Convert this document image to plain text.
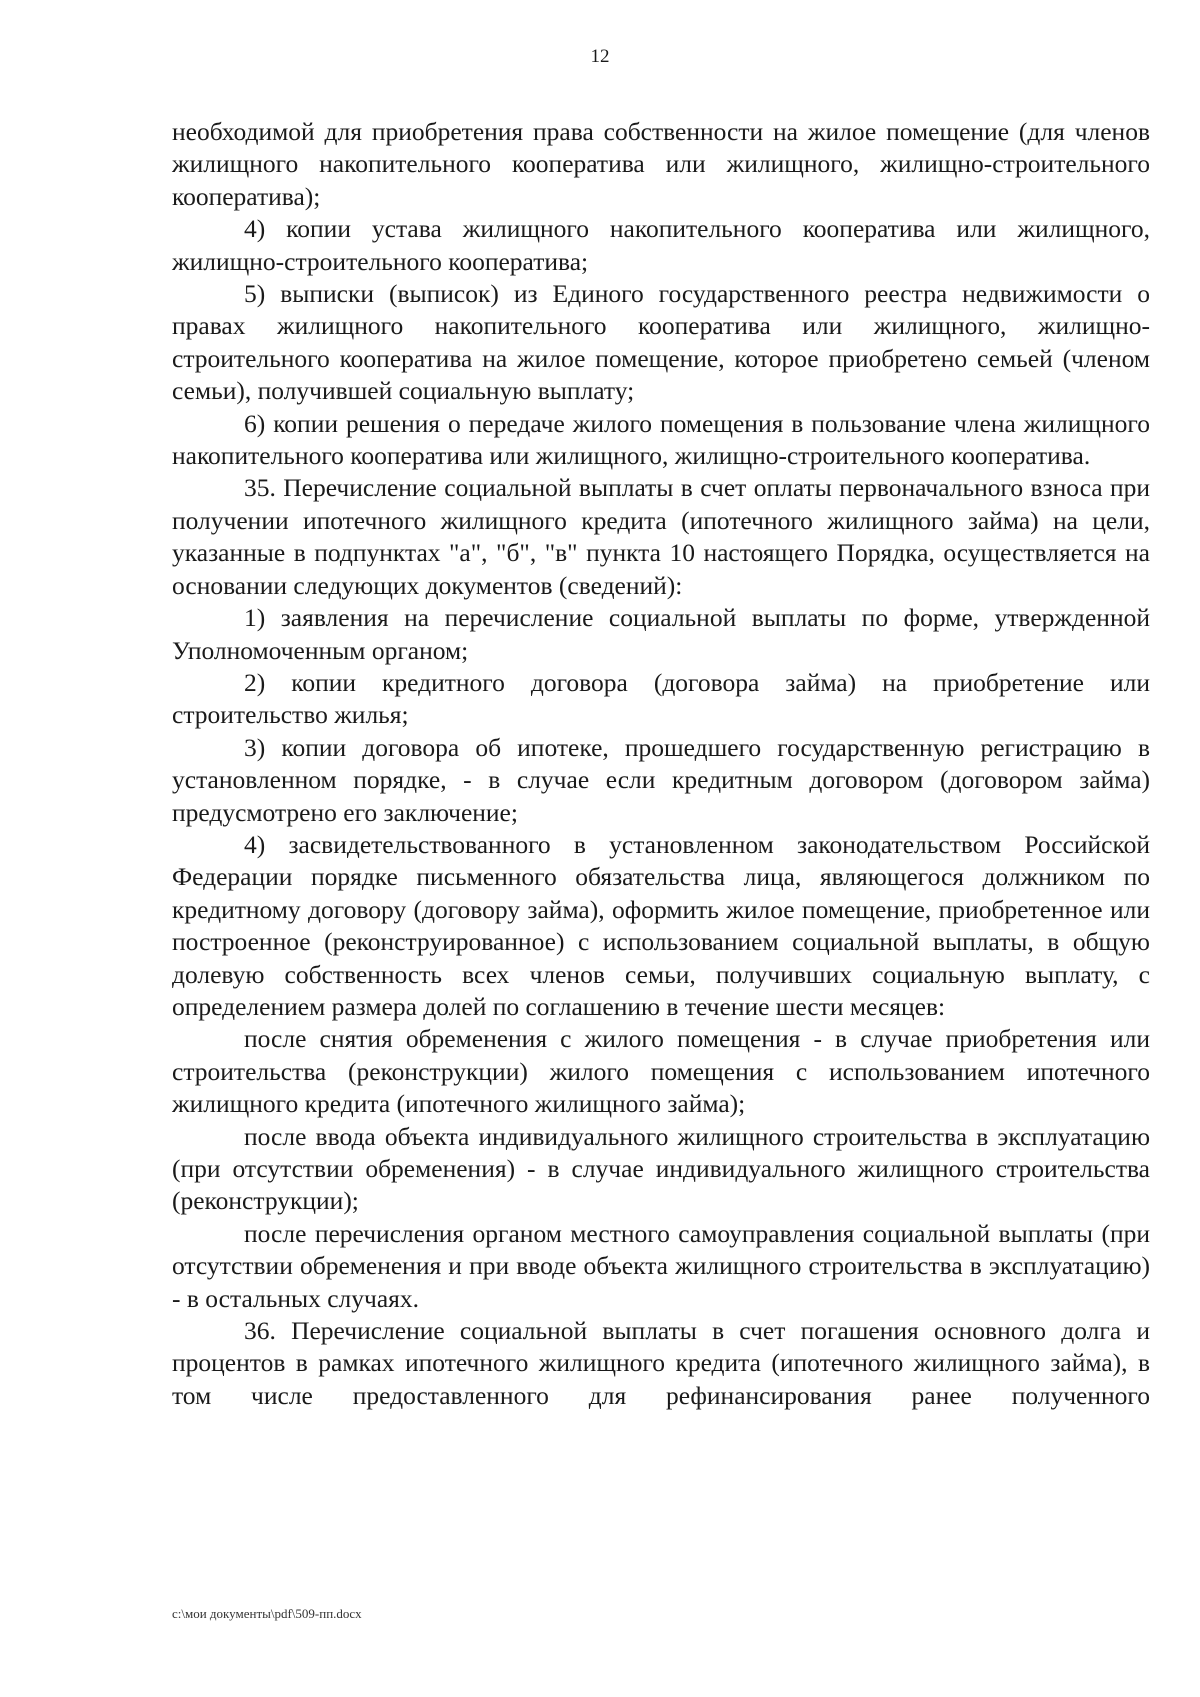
12

необходимой для приобретения права собственности на жилое помещение (для членов жилищного накопительного кооператива или жилищного, жилищно-строительного кооператива);

4) копии устава жилищного накопительного кооператива или жилищного, жилищно-строительного кооператива;

5) выписки (выписок) из Единого государственного реестра недвижимости о правах жилищного накопительного кооператива или жилищного, жилищно-строительного кооператива на жилое помещение, которое приобретено семьей (членом семьи), получившей социальную выплату;

6) копии решения о передаче жилого помещения в пользование члена жилищного накопительного кооператива или жилищного, жилищно-строительного кооператива.

35. Перечисление социальной выплаты в счет оплаты первоначального взноса при получении ипотечного жилищного кредита (ипотечного жилищного займа) на цели, указанные в подпунктах "а", "б", "в" пункта 10 настоящего Порядка, осуществляется на основании следующих документов (сведений):

1) заявления на перечисление социальной выплаты по форме, утвержденной Уполномоченным органом;

2) копии кредитного договора (договора займа) на приобретение или строительство жилья;

3) копии договора об ипотеке, прошедшего государственную регистрацию в установленном порядке, - в случае если кредитным договором (договором займа) предусмотрено его заключение;

4) засвидетельствованного в установленном законодательством Российской Федерации порядке письменного обязательства лица, являющегося должником по кредитному договору (договору займа), оформить жилое помещение, приобретенное или построенное (реконструированное) с использованием социальной выплаты, в общую долевую собственность всех членов семьи, получивших социальную выплату, с определением размера долей по соглашению в течение шести месяцев:

после снятия обременения с жилого помещения - в случае приобретения или строительства (реконструкции) жилого помещения с использованием ипотечного жилищного кредита (ипотечного жилищного займа);

после ввода объекта индивидуального жилищного строительства в эксплуатацию (при отсутствии обременения) - в случае индивидуального жилищного строительства (реконструкции);

после перечисления органом местного самоуправления социальной выплаты (при отсутствии обременения и при вводе объекта жилищного строительства в эксплуатацию) - в остальных случаях.

36. Перечисление социальной выплаты в счет погашения основного долга и процентов в рамках ипотечного жилищного кредита (ипотечного жилищного займа), в том числе предоставленного для рефинансирования ранее полученного

с:\мои документы\pdf\509-пп.docx
